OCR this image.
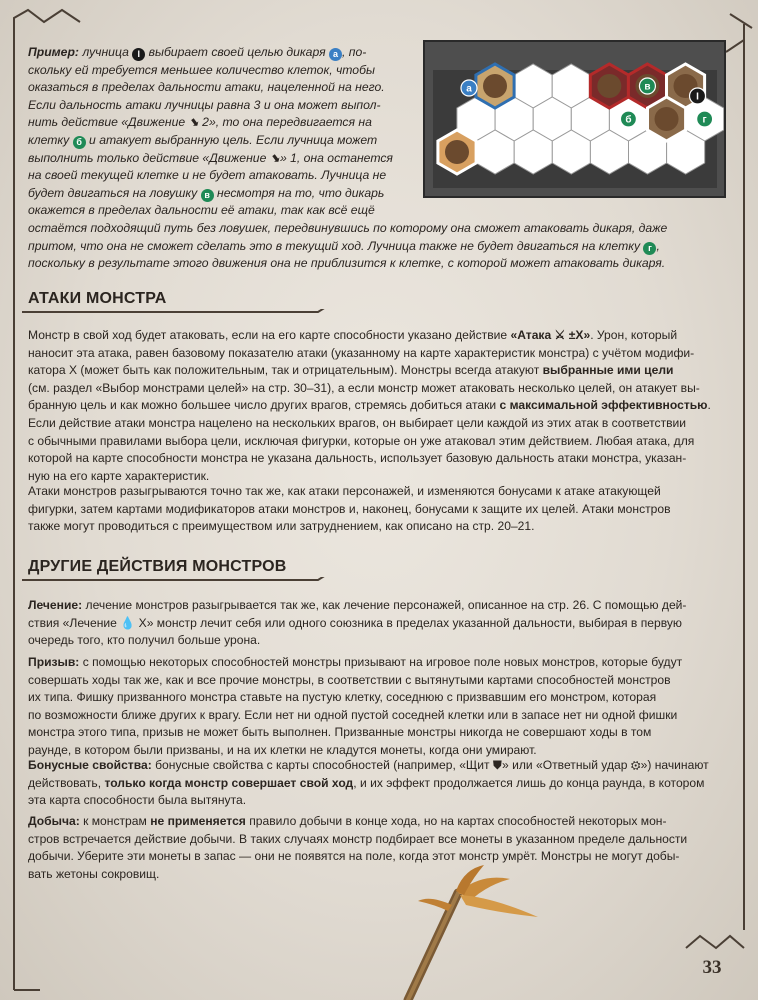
Пример: лучница I выбирает своей целью дикаря а , по-
скольку ей требуется меньшее количество клеток, чтобы
оказаться в пределах дальности атаки, нацеленной на него.
Если дальность атаки лучницы равна 3 и она может выпол-
нить действие «Движение ⬊ 2», то она передвигается на
клетку б и атакует выбранную цель. Если лучница может
выполнить только действие «Движение ⬊» 1, она останется
на своей текущей клетке и не будет атаковать. Лучница не
будет двигаться на ловушку в несмотря на то, что дикарь
окажется в пределах дальности её атаки, так как всё ещё
остаётся подходящий путь без ловушек, передвинувшись по которому она сможет атаковать дикаря, даже
притом, что она не сможет сделать это в текущий ход. Лучница также не будет двигаться на клетку г ,
поскольку в результате этого движения она не приблизится к клетке, с которой может атаковать дикаря.
а	в
I
б	г
АТАКИ МОНСТРА
Монстр в свой ход будет атаковать, если на его карте способности указано действие «Атака ⚔ ±X». Урон, который
наносит эта атака, равен базовому показателю атаки (указанному на карте характеристик монстра) с учётом модифи-
катора X (может быть как положительным, так и отрицательным). Монстры всегда атакуют выбранные ими цели
(см. раздел «Выбор монстрами целей» на стр. 30–31), а если монстр может атаковать несколько целей, он атакует вы-
бранную цель и как можно большее число других врагов, стремясь добиться атаки с максимальной эффективностью.
Если действие атаки монстра нацелено на нескольких врагов, он выбирает цели каждой из этих атак в соответствии
с обычными правилами выбора цели, исключая фигурки, которые он уже атаковал этим действием. Любая атака, для
которой на карте способности монстра не указана дальность, использует базовую дальность атаки монстра, указан-
ную на его карте характеристик.
Атаки монстров разыгрываются точно так же, как атаки персонажей, и изменяются бонусами к атаке атакующей
фигурки, затем картами модификаторов атаки монстров и, наконец, бонусами к защите их целей. Атаки монстров
также могут проводиться с преимуществом или затруднением, как описано на стр. 20–21.
ДРУГИЕ ДЕЙСТВИЯ МОНСТРОВ
Лечение: лечение монстров разыгрывается так же, как лечение персонажей, описанное на стр. 26. С помощью дей-
ствия «Лечение 💧 X» монстр лечит себя или одного союзника в пределах указанной дальности, выбирая в первую
очередь того, кто получил больше урона.
Призыв: с помощью некоторых способностей монстры призывают на игровое поле новых монстров, которые будут
совершать ходы так же, как и все прочие монстры, в соответствии с вытянутыми картами способностей монстров
их типа. Фишку призванного монстра ставьте на пустую клетку, соседнюю с призвавшим его монстром, которая
по возможности ближе других к врагу. Если нет ни одной пустой соседней клетки или в запасе нет ни одной фишки
монстра этого типа, призыв не может быть выполнен. Призванные монстры никогда не совершают ходы в том
раунде, в котором были призваны, и на их клетки не кладутся монеты, когда они умирают.
Бонусные свойства: бонусные свойства с карты способностей (например, «Щит ⛊» или «Ответный удар ⚙») начинают
действовать, только когда монстр совершает свой ход, и их эффект продолжается лишь до конца раунда, в котором
эта карта способности была вытянута.
Добыча: к монстрам не применяется правило добычи в конце хода, но на картах способностей некоторых мон-
стров встречается действие добычи. В таких случаях монстр подбирает все монеты в указанном пределе дальности
добычи. Уберите эти монеты в запас — они не появятся на поле, когда этот монстр умрёт. Монстры не могут добы-
вать жетоны сокровищ.
33
